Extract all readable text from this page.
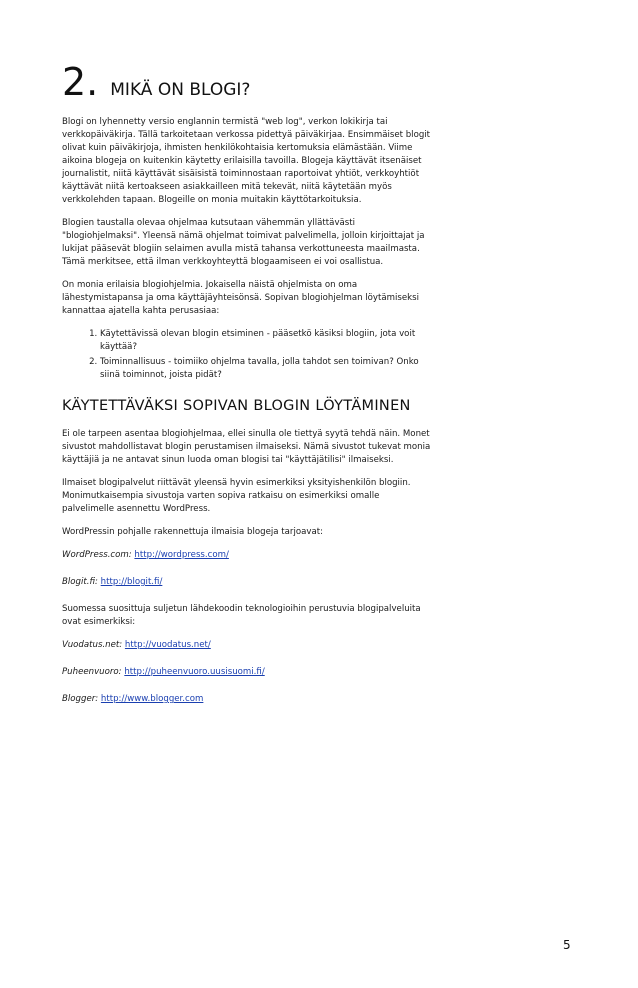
2. MIKÄ ON BLOGI?

Blogi on lyhennetty versio englannin termistä "web log", verkon lokikirja tai verkkopäiväkirja. Tällä tarkoitetaan verkossa pidettyä päiväkirjaa. Ensimmäiset blogit olivat kuin päiväkirjoja, ihmisten henkilökohtaisia kertomuksia elämästään. Viime aikoina blogeja on kuitenkin käytetty erilaisilla tavoilla. Blogeja käyttävät itsenäiset journalistit, niitä käyttävät sisäisistä toiminnostaan raportoivat yhtiöt, verkkoyhtiöt käyttävät niitä kertoakseen asiakkailleen mitä tekevät, niitä käytetään myös verkkolehden tapaan. Blogeille on monia muitakin käyttötarkoituksia.

Blogien taustalla olevaa ohjelmaa kutsutaan vähemmän yllättävästi "blogiohjelmaksi". Yleensä nämä ohjelmat toimivat palvelimella, jolloin kirjoittajat ja lukijat pääsevät blogiin selaimen avulla mistä tahansa verkottuneesta maailmasta. Tämä merkitsee, että ilman verkkoyhteyttä blogaamiseen ei voi osallistua.

On monia erilaisia blogiohjelmia. Jokaisella näistä ohjelmista on oma lähestymistapansa ja oma käyttäjäyhteisönsä. Sopivan blogiohjelman löytämiseksi kannattaa ajatella kahta perusasiaa:

1. Käytettävissä olevan blogin etsiminen - pääsetkö käsiksi blogiin, jota voit käyttää?
2. Toiminnallisuus - toimiiko ohjelma tavalla, jolla tahdot sen toimivan? Onko siinä toiminnot, joista pidät?
KÄYTETTÄVÄKSI SOPIVAN BLOGIN LÖYTÄMINEN

Ei ole tarpeen asentaa blogiohjelmaa, ellei sinulla ole tiettyä syytä tehdä näin. Monet sivustot mahdollistavat blogin perustamisen ilmaiseksi. Nämä sivustot tukevat monia käyttäjiä ja ne antavat sinun luoda oman blogisi tai "käyttäjätilisi" ilmaiseksi.

Ilmaiset blogipalvelut riittävät yleensä hyvin esimerkiksi yksityishenkilön blogiin. Monimutkaisempia sivustoja varten sopiva ratkaisu on esimerkiksi omalle palvelimelle asennettu WordPress.

WordPressin pohjalle rakennettuja ilmaisia blogeja tarjoavat:

WordPress.com: http://wordpress.com/
Blogit.fi: http://blogit.fi/

Suomessa suosittuja suljetun lähdekoodin teknologioihin perustuvia blogipalveluita ovat esimerkiksi:

Vuodatus.net: http://vuodatus.net/
Puheenvuoro: http://puheenvuoro.uusisuomi.fi/
Blogger: http://www.blogger.com
5
